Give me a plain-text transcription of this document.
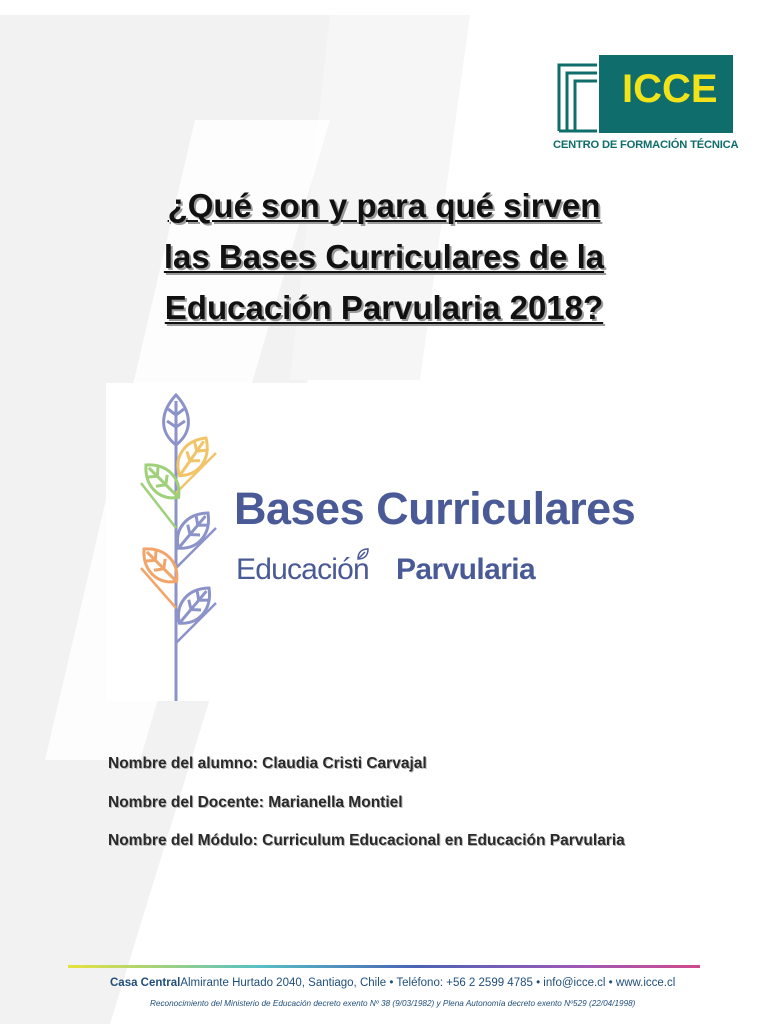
ICCE
CENTRO DE FORMACIÓN TÉCNICA
¿Qué son y para qué sirven
las Bases Curriculares de la
Educación Parvularia 2018?
Bases Curriculares
Educación Parvularia
Nombre del alumno: Claudia Cristi Carvajal
Nombre del Docente: Marianella Montiel
Nombre del Módulo: Curriculum Educacional en Educación Parvularia
Casa CentralAlmirante Hurtado 2040, Santiago, Chile • Teléfono: +56 2 2599 4785 • info@icce.cl • www.icce.cl
Reconocimiento del Ministerio de Educación decreto exento Nº 38 (9/03/1982) y Plena Autonomía decreto exento Nº529 (22/04/1998)
